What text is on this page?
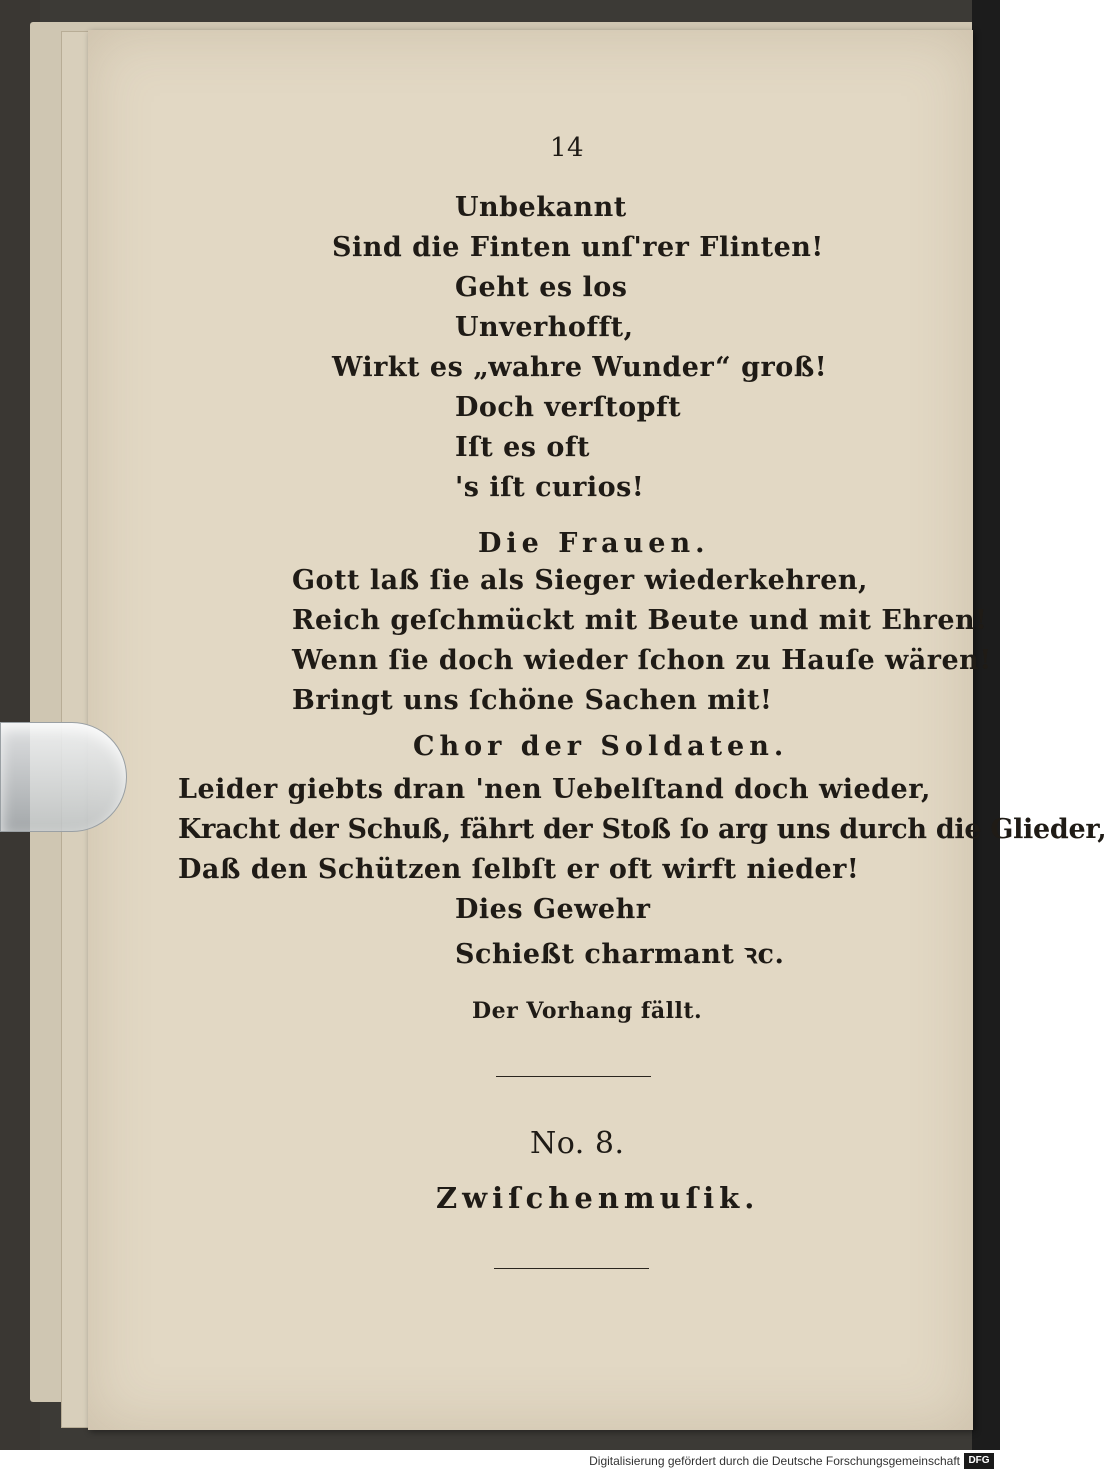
14
Unbekannt
Sind die Finten unſ'rer Flinten!
Geht es los
Unverhofft,
Wirkt es „wahre Wunder“ groß!
Doch verſtopft
Iſt es oft
's iſt curios!
Die Frauen.
Gott laß ſie als Sieger wiederkehren,
Reich geſchmückt mit Beute und mit Ehren!
Wenn ſie doch wieder ſchon zu Hauſe wären!
Bringt uns ſchöne Sachen mit!
Chor der Soldaten.
Leider giebts dran 'nen Uebelſtand doch wieder,
Kracht der Schuß, fährt der Stoß ſo arg uns durch die Glieder,
Daß den Schützen ſelbſt er oft wirft nieder!
Dies Gewehr
Schießt charmant ꝛc.
Der Vorhang fällt.
No. 8.
Zwiſchenmuſik.
Digitalisierung gefördert durch die Deutsche Forschungsgemeinschaft DFG
